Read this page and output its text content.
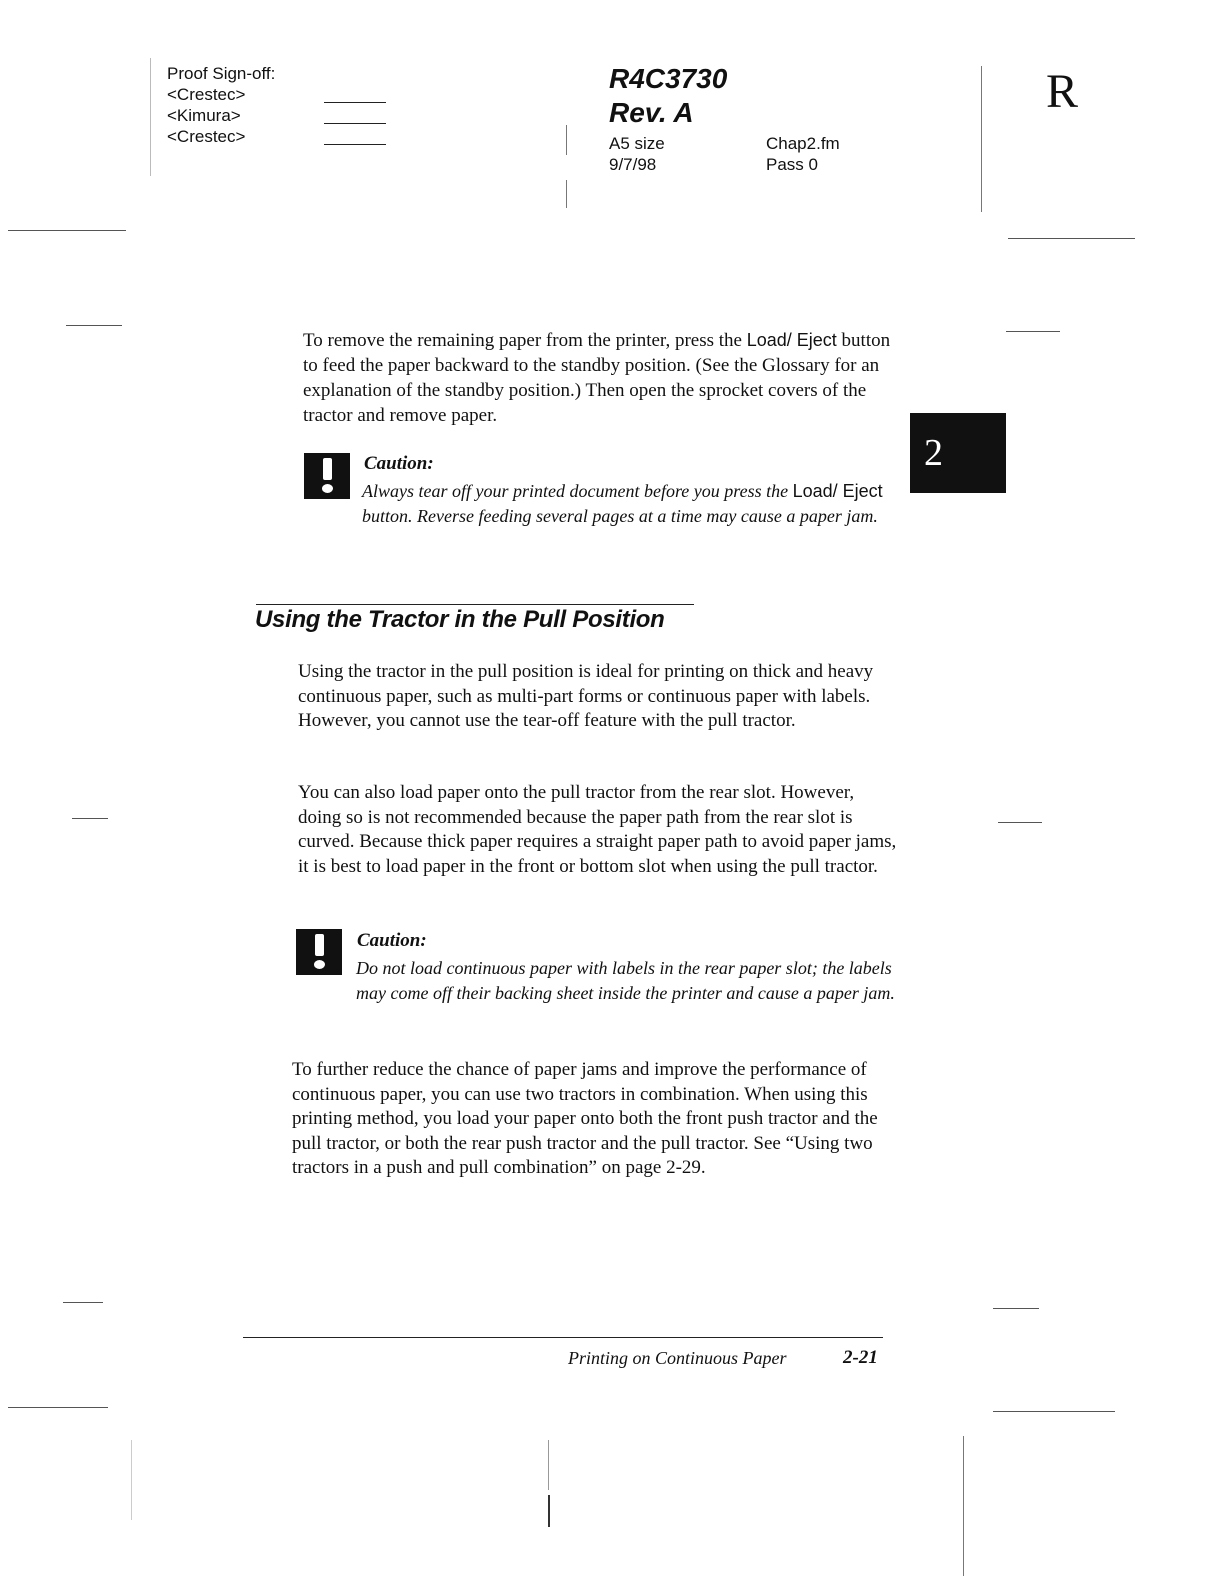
Proof Sign-off:
<Crestec>
<Kimura>
<Crestec>
R4C3730
Rev. A
A5 size
9/7/98
Chap2.fm
Pass 0
R
2
To remove the remaining paper from the printer, press the Load/ Eject button to feed the paper backward to the standby position. (See the Glossary for an explanation of the standby position.) Then open the sprocket covers of the tractor and remove paper.
Caution:
Always tear off your printed document before you press the Load/ Eject button. Reverse feeding several pages at a time may cause a paper jam.
Using the Tractor in the Pull Position
Using the tractor in the pull position is ideal for printing on thick and heavy continuous paper, such as multi-part forms or continuous paper with labels. However, you cannot use the tear-off feature with the pull tractor.
You can also load paper onto the pull tractor from the rear slot. However, doing so is not recommended because the paper path from the rear slot is curved. Because thick paper requires a straight paper path to avoid paper jams, it is best to load paper in the front or bottom slot when using the pull tractor.
Caution:
Do not load continuous paper with labels in the rear paper slot; the labels may come off their backing sheet inside the printer and cause a paper jam.
To further reduce the chance of paper jams and improve the performance of continuous paper, you can use two tractors in combination. When using this printing method, you load your paper onto both the front push tractor and the pull tractor, or both the rear push tractor and the pull tractor. See “Using two tractors in a push and pull combination” on page 2-29.
Printing on Continuous Paper	2-21
